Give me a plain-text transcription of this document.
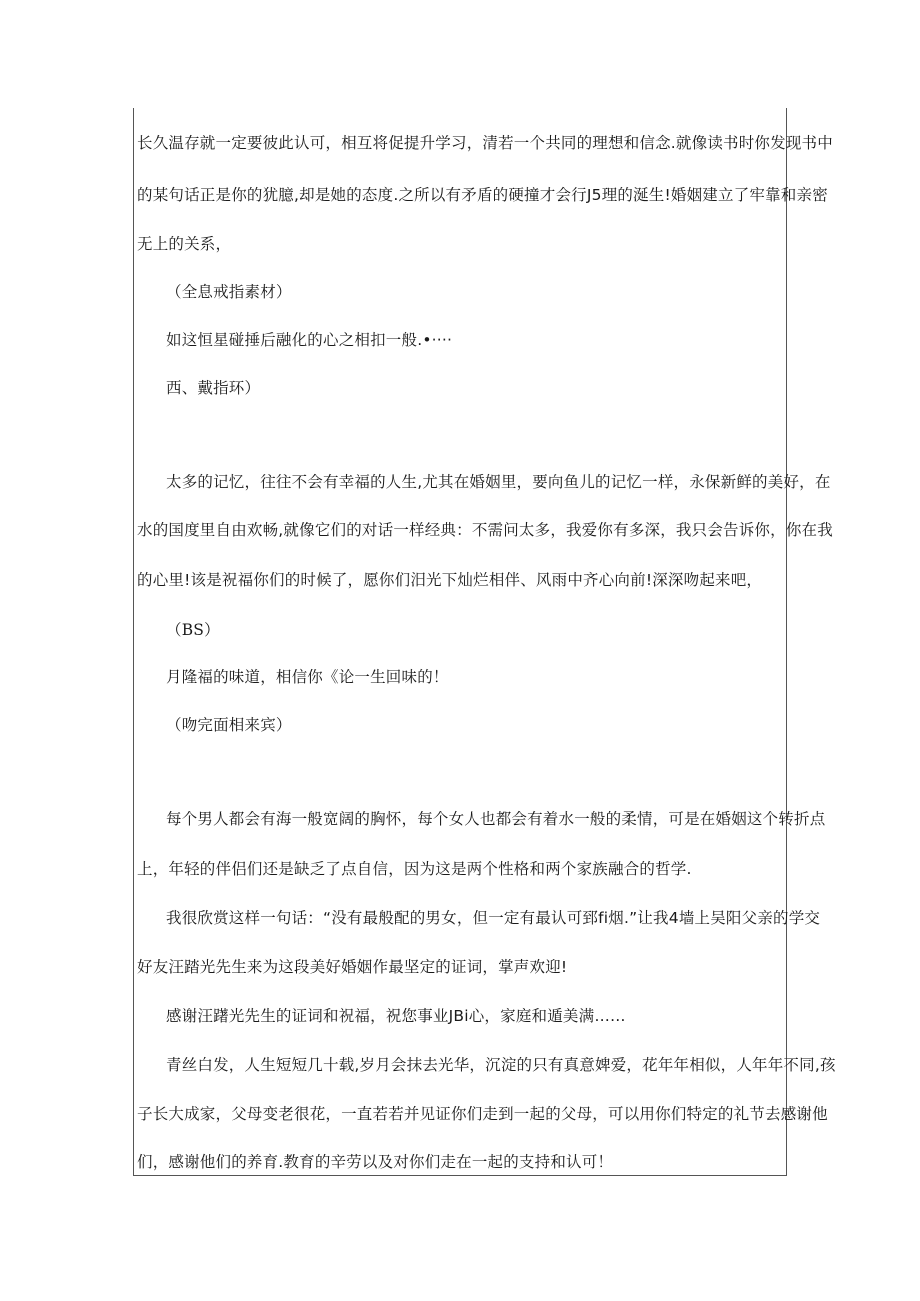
长久温存就一定要彼此认可，相互将促提升学习，清若一个共同的理想和信念.就像读书时你发现书中
的某句话正是你的犹臆,却是她的态度.之所以有矛盾的硬撞才会行J5理的涎生!婚姻建立了牢靠和亲密
无上的关系，
（全息戒指素材）
如这恒星碰捶后融化的心之相扣一般.•····
西、戴指环）
太多的记忆，往往不会有幸福的人生,尤其在婚姻里，要向鱼儿的记忆一样，永保新鲜的美好，在
水的国度里自由欢畅,就像它们的对话一样经典：不需问太多，我爱你有多深，我只会告诉你，你在我
的心里!该是祝福你们的时候了，愿你们汨光下灿烂相伴、风雨中齐心向前!深深吻起来吧，
（BS）
月隆福的味道，相信你《论一生回味的！
（吻完面相来宾）
每个男人都会有海一般宽阔的胸怀，每个女人也都会有着水一般的柔情，可是在婚姻这个转折点
上，年轻的伴侣们还是缺乏了点自信，因为这是两个性格和两个家族融合的哲学.
我很欣赏这样一句话：“没有最般配的男女，但一定有最认可郅fi烟.”让我4墙上吴阳父亲的学交
好友汪踏光先生来为这段美好婚姻作最坚定的证词，掌声欢迎!
感谢汪躇光先生的证词和祝福，祝您事业JBi心，家庭和遁美满……
青丝白发，人生短短几十载,岁月会抹去光华，沉淀的只有真意婢爱，花年年相似，人年年不同,孩
子长大成家，父母变老很花，一直若若并见证你们走到一起的父母，可以用你们特定的礼节去感谢他
们，感谢他们的养育.教育的辛劳以及对你们走在一起的支持和认可！
